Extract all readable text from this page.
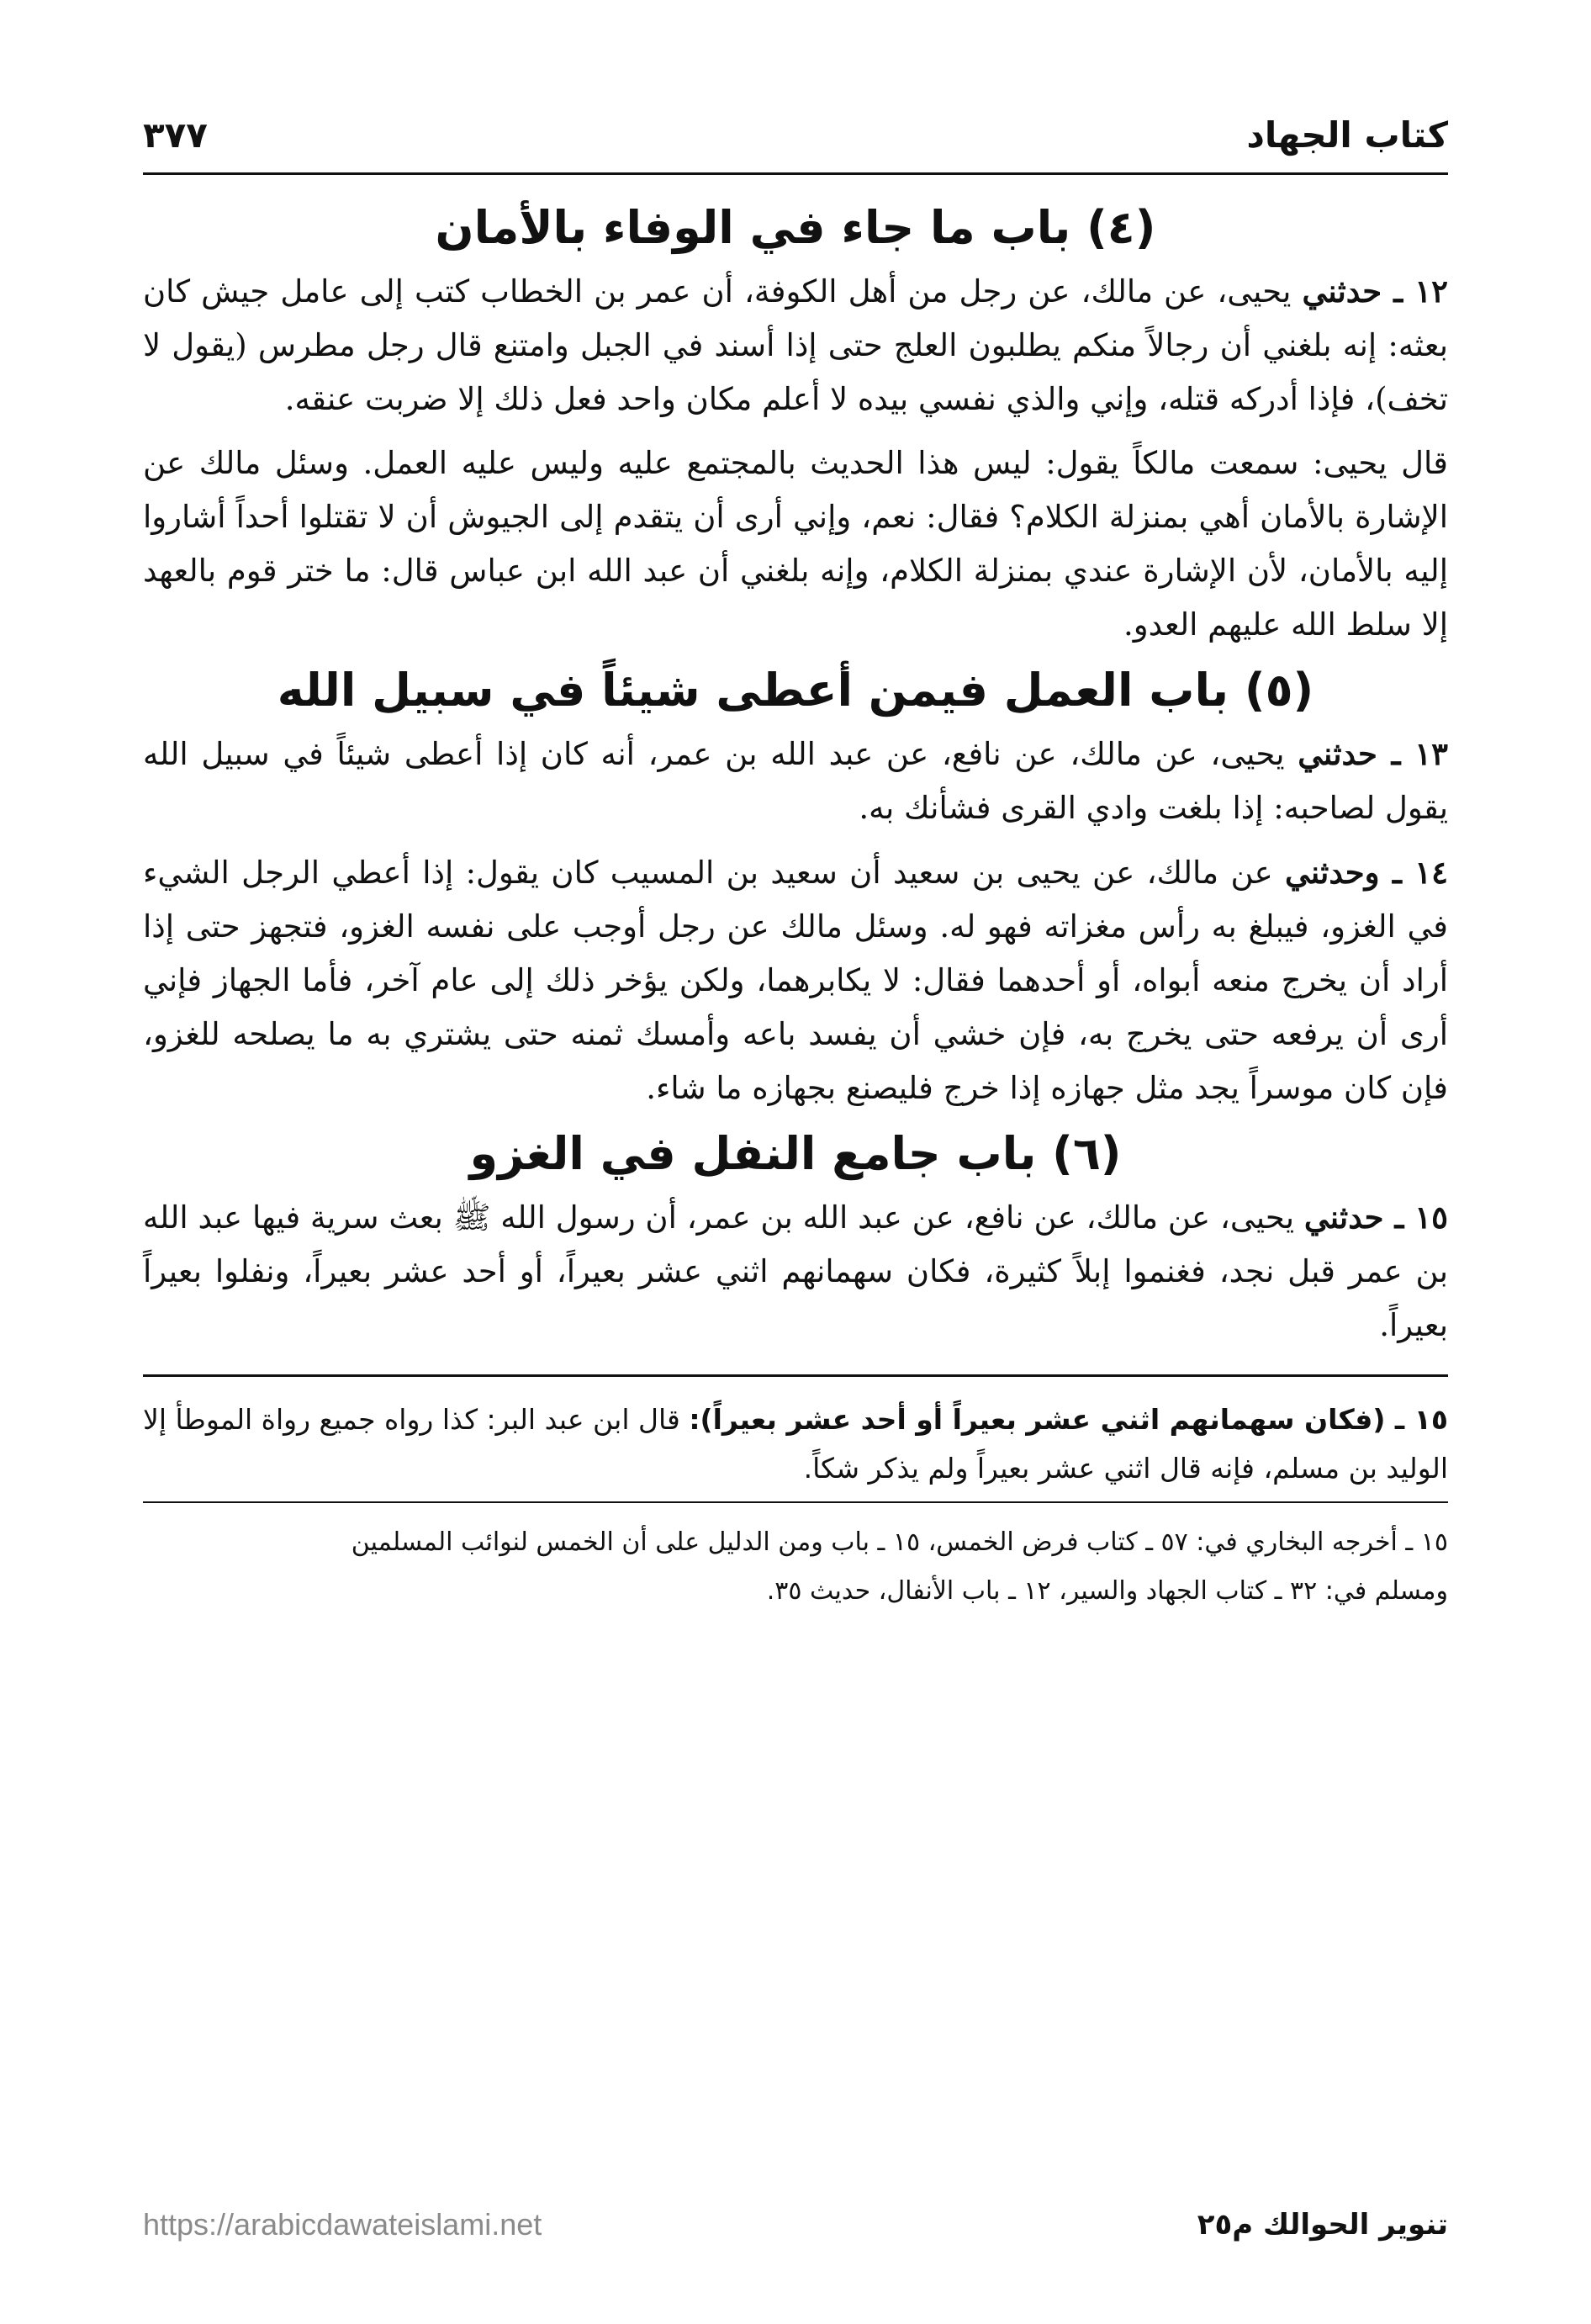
٣٧٧	كتاب الجهاد
(٤) باب ما جاء في الوفاء بالأمان

١٢ ـ حدثني يحيى، عن مالك، عن رجل من أهل الكوفة، أن عمر بن الخطاب كتب إلى عامل جيش كان بعثه: إنه بلغني أن رجالاً منكم يطلبون العلج حتى إذا أسند في الجبل وامتنع قال رجل مطرس (يقول لا تخف)، فإذا أدركه قتله، وإني والذي نفسي بيده لا أعلم مكان واحد فعل ذلك إلا ضربت عنقه.

قال يحيى: سمعت مالكاً يقول: ليس هذا الحديث بالمجتمع عليه وليس عليه العمل. وسئل مالك عن الإشارة بالأمان أهي بمنزلة الكلام؟ فقال: نعم، وإني أرى أن يتقدم إلى الجيوش أن لا تقتلوا أحداً أشاروا إليه بالأمان، لأن الإشارة عندي بمنزلة الكلام، وإنه بلغني أن عبد الله ابن عباس قال: ما ختر قوم بالعهد إلا سلط الله عليهم العدو.

(٥) باب العمل فيمن أعطى شيئاً في سبيل الله

١٣ ـ حدثني يحيى، عن مالك، عن نافع، عن عبد الله بن عمر، أنه كان إذا أعطى شيئاً في سبيل الله يقول لصاحبه: إذا بلغت وادي القرى فشأنك به.

١٤ ـ وحدثني عن مالك، عن يحيى بن سعيد أن سعيد بن المسيب كان يقول: إذا أعطي الرجل الشيء في الغزو، فيبلغ به رأس مغزاته فهو له. وسئل مالك عن رجل أوجب على نفسه الغزو، فتجهز حتى إذا أراد أن يخرج منعه أبواه، أو أحدهما فقال: لا يكابرهما، ولكن يؤخر ذلك إلى عام آخر، فأما الجهاز فإني أرى أن يرفعه حتى يخرج به، فإن خشي أن يفسد باعه وأمسك ثمنه حتى يشتري به ما يصلحه للغزو، فإن كان موسراً يجد مثل جهازه إذا خرج فليصنع بجهازه ما شاء.

(٦) باب جامع النفل في الغزو

١٥ ـ حدثني يحيى، عن مالك، عن نافع، عن عبد الله بن عمر، أن رسول الله ﷺ بعث سرية فيها عبد الله بن عمر قبل نجد، فغنموا إبلاً كثيرة، فكان سهمانهم اثني عشر بعيراً، أو أحد عشر بعيراً، ونفلوا بعيراً بعيراً.

١٥ ـ (فكان سهمانهم اثني عشر بعيراً أو أحد عشر بعيراً): قال ابن عبد البر: كذا رواه جميع رواة الموطأ إلا الوليد بن مسلم، فإنه قال اثني عشر بعيراً ولم يذكر شكاً.

١٥ ـ أخرجه البخاري في: ٥٧ ـ كتاب فرض الخمس، ١٥ ـ باب ومن الدليل على أن الخمس لنوائب المسلمين
ومسلم في: ٣٢ ـ كتاب الجهاد والسير، ١٢ ـ باب الأنفال، حديث ٣٥.
https://arabicdawateislami.net	تنوير الحوالك م٢٥
